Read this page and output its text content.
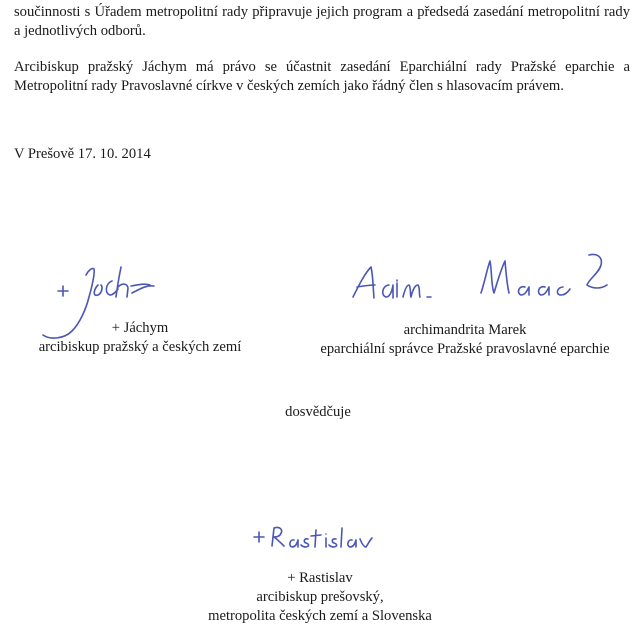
součinnosti s Úřadem metropolitní rady připravuje jejich program a předsedá zasedání metropolitní rady a jednotlivých odborů.

Arcibiskup pražský Jáchym má právo se účastnit zasedání Eparchiální rady Pražské eparchie a Metropolitní rady Pravoslavné církve v českých zemích jako řádný člen s hlasovacím právem.

V Prešově 17. 10. 2014

+ Jáchym
arcibiskup pražský a českých zemí
archimandrita Marek
eparchiální správce Pražské pravoslavné eparchie
dosvědčuje
+ Rastislav
arcibiskup prešovský,
metropolita českých zemí a Slovenska
